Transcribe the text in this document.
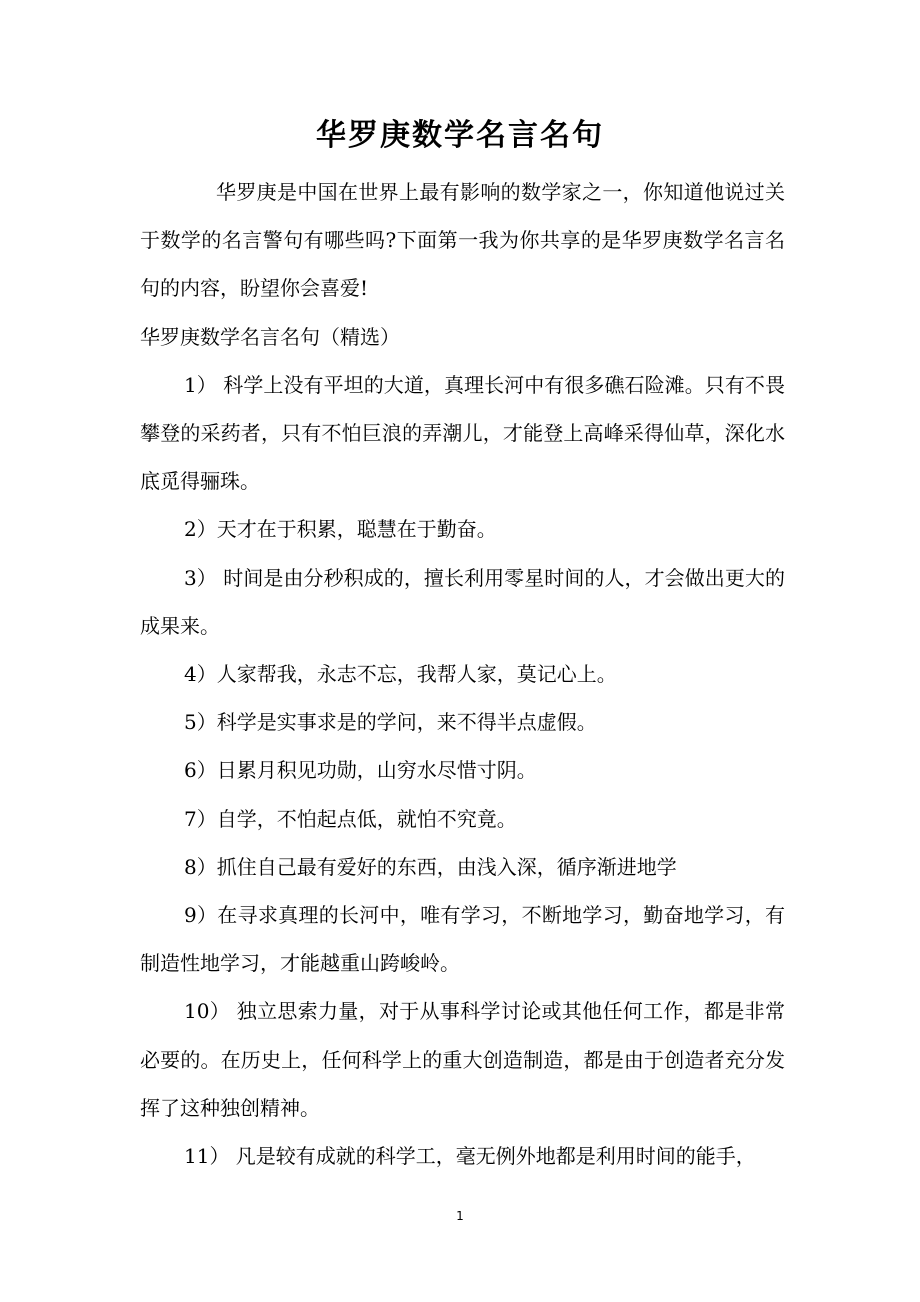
华罗庚数学名言名句

华罗庚是中国在世界上最有影响的数学家之一，你知道他说过关于数学的名言警句有哪些吗?下面第一我为你共享的是华罗庚数学名言名句的内容，盼望你会喜爱!

华罗庚数学名言名句（精选）

1） 科学上没有平坦的大道，真理长河中有很多礁石险滩。只有不畏攀登的采药者，只有不怕巨浪的弄潮儿，才能登上高峰采得仙草，深化水底觅得骊珠。

2）天才在于积累，聪慧在于勤奋。

3） 时间是由分秒积成的，擅长利用零星时间的人，才会做出更大的成果来。

4）人家帮我，永志不忘，我帮人家，莫记心上。

5）科学是实事求是的学问，来不得半点虚假。

6）日累月积见功勋，山穷水尽惜寸阴。

7）自学，不怕起点低，就怕不究竟。

8）抓住自己最有爱好的东西，由浅入深，循序渐进地学

9）在寻求真理的长河中，唯有学习，不断地学习，勤奋地学习，有制造性地学习，才能越重山跨峻岭。

10） 独立思索力量，对于从事科学讨论或其他任何工作，都是非常必要的。在历史上，任何科学上的重大创造制造，都是由于创造者充分发挥了这种独创精神。

11） 凡是较有成就的科学工，毫无例外地都是利用时间的能手，

1
